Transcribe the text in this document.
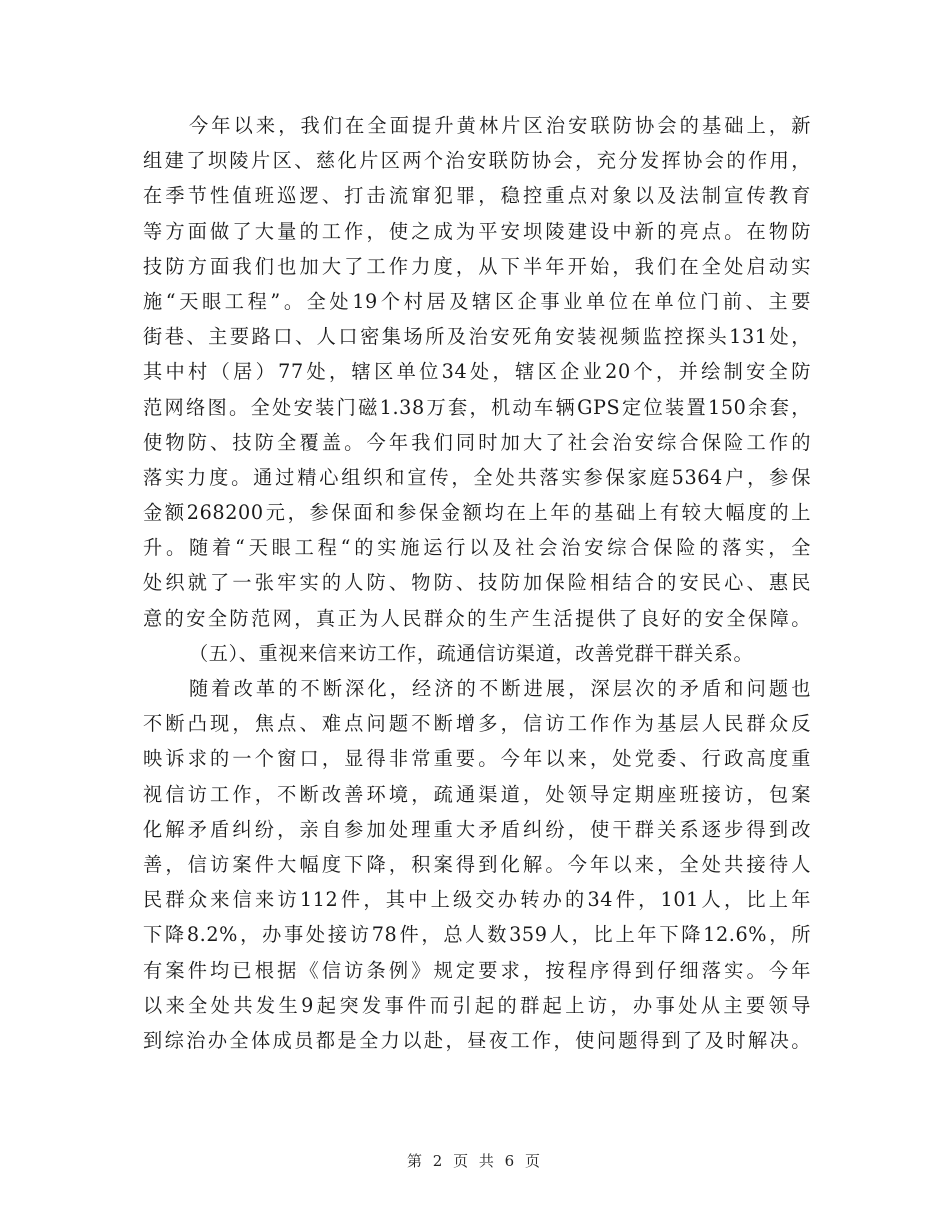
今年以来，我们在全面提升黄林片区治安联防协会的基础上，新
组建了坝陵片区、慈化片区两个治安联防协会，充分发挥协会的作用，
在季节性值班巡逻、打击流窜犯罪，稳控重点对象以及法制宣传教育
等方面做了大量的工作，使之成为平安坝陵建设中新的亮点。在物防
技防方面我们也加大了工作力度，从下半年开始，我们在全处启动实
施“天眼工程”。全处19个村居及辖区企事业单位在单位门前、主要
街巷、主要路口、人口密集场所及治安死角安装视频监控探头131处，
其中村（居）77处，辖区单位34处，辖区企业20个，并绘制安全防
范网络图。全处安装门磁1.38万套，机动车辆GPS定位装置150余套，
使物防、技防全覆盖。今年我们同时加大了社会治安综合保险工作的
落实力度。通过精心组织和宣传，全处共落实参保家庭5364户，参保
金额268200元，参保面和参保金额均在上年的基础上有较大幅度的上
升。随着“天眼工程“的实施运行以及社会治安综合保险的落实，全
处织就了一张牢实的人防、物防、技防加保险相结合的安民心、惠民
意的安全防范网，真正为人民群众的生产生活提供了良好的安全保障。
（五）、重视来信来访工作，疏通信访渠道，改善党群干群关系。
随着改革的不断深化，经济的不断进展，深层次的矛盾和问题也
不断凸现，焦点、难点问题不断增多，信访工作作为基层人民群众反
映诉求的一个窗口，显得非常重要。今年以来，处党委、行政高度重
视信访工作，不断改善环境，疏通渠道，处领导定期座班接访，包案
化解矛盾纠纷，亲自参加处理重大矛盾纠纷，使干群关系逐步得到改
善，信访案件大幅度下降，积案得到化解。今年以来，全处共接待人
民群众来信来访112件，其中上级交办转办的34件，101人，比上年
下降8.2%，办事处接访78件，总人数359人，比上年下降12.6%，所
有案件均已根据《信访条例》规定要求，按程序得到仔细落实。今年
以来全处共发生9起突发事件而引起的群起上访，办事处从主要领导
到综治办全体成员都是全力以赴，昼夜工作，使问题得到了及时解决。
第 2 页 共 6 页
